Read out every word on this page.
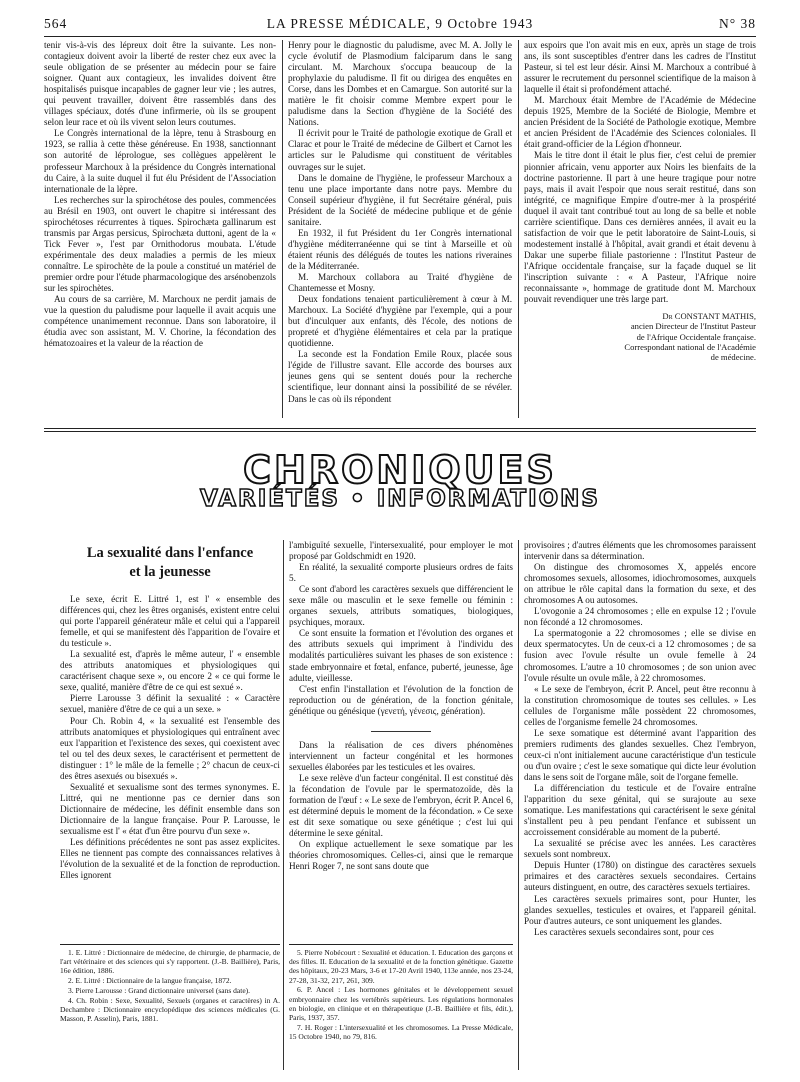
564	LA PRESSE MÉDICALE, 9 Octobre 1943	N° 38

tenir vis-à-vis des lépreux doit être la suivante. Les non-contagieux doivent avoir la liberté de rester chez eux avec la seule obligation de se présenter au médecin pour se faire soigner. Quant aux contagieux, les invalides doivent être hospitalisés puisque incapables de gagner leur vie ; les autres, qui peuvent travailler, doivent être rassemblés dans des villages spéciaux, dotés d'une infirmerie, où ils se groupent selon leur race et où ils vivent selon leurs coutumes.

Le Congrès international de la lèpre, tenu à Strasbourg en 1923, se rallia à cette thèse généreuse. En 1938, sanctionnant son autorité de léprologue, ses collègues appelèrent le professeur Marchoux à la présidence du Congrès international du Caire, à la suite duquel il fut élu Président de l'Association internationale de la lèpre.

Les recherches sur la spirochétose des poules, commencées au Brésil en 1903, ont ouvert le chapitre si intéressant des spirochétoses récurrentes à tiques. Spirochæta gallinarum est transmis par Argas persicus, Spirochæta duttoni, agent de la « Tick Fever », l'est par Ornithodorus moubata. L'étude expérimentale des deux maladies a permis de les mieux connaître. Le spirochète de la poule a constitué un matériel de premier ordre pour l'étude pharmacologique des arsénobenzols sur les spirochètes.

Au cours de sa carrière, M. Marchoux ne perdit jamais de vue la question du paludisme pour laquelle il avait acquis une compétence unanimement reconnue. Dans son laboratoire, il étudia avec son assistant, M. V. Chorine, la fécondation des hématozoaires et la valeur de la réaction de

Henry pour le diagnostic du paludisme, avec M. A. Jolly le cycle évolutif de Plasmodium falciparum dans le sang circulant. M. Marchoux s'occupa beaucoup de la prophylaxie du paludisme. Il fit ou dirigea des enquêtes en Corse, dans les Dombes et en Camargue. Son autorité sur la matière le fit choisir comme Membre expert pour le paludisme dans la Section d'hygiène de la Société des Nations.

Il écrivit pour le Traité de pathologie exotique de Grall et Clarac et pour le Traité de médecine de Gilbert et Carnot les articles sur le Paludisme qui constituent de véritables ouvrages sur le sujet.

Dans le domaine de l'hygiène, le professeur Marchoux a tenu une place importante dans notre pays. Membre du Conseil supérieur d'hygiène, il fut Secrétaire général, puis Président de la Société de médecine publique et de génie sanitaire.

En 1932, il fut Président du 1er Congrès international d'hygiène méditerranéenne qui se tint à Marseille et où étaient réunis des délégués de toutes les nations riveraines de la Méditerranée.

M. Marchoux collabora au Traité d'hygiène de Chantemesse et Mosny.

Deux fondations tenaient particulièrement à cœur à M. Marchoux. La Société d'hygiène par l'exemple, qui a pour but d'inculquer aux enfants, dès l'école, des notions de propreté et d'hygiène élémentaires et cela par la pratique quotidienne.

La seconde est la Fondation Emile Roux, placée sous l'égide de l'illustre savant. Elle accorde des bourses aux jeunes gens qui se sentent doués pour la recherche scientifique, leur donnant ainsi la possibilité de se révéler. Dans le cas où ils répondent

aux espoirs que l'on avait mis en eux, après un stage de trois ans, ils sont susceptibles d'entrer dans les cadres de l'Institut Pasteur, si tel est leur désir. Ainsi M. Marchoux a contribué à assurer le recrutement du personnel scientifique de la maison à laquelle il était si profondément attaché.

M. Marchoux était Membre de l'Académie de Médecine depuis 1925, Membre de la Société de Biologie, Membre et ancien Président de la Société de Pathologie exotique, Membre et ancien Président de l'Académie des Sciences coloniales. Il était grand-officier de la Légion d'honneur.

Mais le titre dont il était le plus fier, c'est celui de premier pionnier africain, venu apporter aux Noirs les bienfaits de la doctrine pastorienne. Il part à une heure tragique pour notre pays, mais il avait l'espoir que nous serait restitué, dans son intégrité, ce magnifique Empire d'outre-mer à la prospérité duquel il avait tant contribué tout au long de sa belle et noble carrière scientifique. Dans ces dernières années, il avait eu la satisfaction de voir que le petit laboratoire de Saint-Louis, si modestement installé à l'hôpital, avait grandi et était devenu à Dakar une superbe filiale pastorienne : l'Institut Pasteur de l'Afrique occidentale française, sur la façade duquel se lit l'inscription suivante : « A Pasteur, l'Afrique noire reconnaissante », hommage de gratitude dont M. Marchoux pouvait revendiquer une très large part.

Dr CONSTANT MATHIS,
ancien Directeur de l'Institut Pasteur
de l'Afrique Occidentale française.
Correspondant national de l'Académie
de médecine.
CHRONIQUES
VARIÉTÉS • INFORMATIONS
La sexualité dans l'enfance
et la jeunesse

Le sexe, écrit E. Littré 1, est l' « ensemble des différences qui, chez les êtres organisés, existent entre celui qui porte l'appareil générateur mâle et celui qui a l'appareil femelle, et qui se manifestent dès l'apparition de l'ovaire et du testicule ».

La sexualité est, d'après le même auteur, l' « ensemble des attributs anatomiques et physiologiques qui caractérisent chaque sexe », ou encore 2 « ce qui forme le sexe, qualité, manière d'être de ce qui est sexué ».

Pierre Larousse 3 définit la sexualité : « Caractère sexuel, manière d'être de ce qui a un sexe. »

Pour Ch. Robin 4, « la sexualité est l'ensemble des attributs anatomiques et physiologiques qui entraînent avec eux l'apparition et l'existence des sexes, qui coexistent avec tel ou tel des deux sexes, le caractérisent et permettent de distinguer : 1° le mâle de la femelle ; 2° chacun de ceux-ci des êtres asexués ou bisexués ».

Sexualité et sexualisme sont des termes synonymes. E. Littré, qui ne mentionne pas ce dernier dans son Dictionnaire de médecine, les définit ensemble dans son Dictionnaire de la langue française. Pour P. Larousse, le sexualisme est l' « état d'un être pourvu d'un sexe ».

Les définitions précédentes ne sont pas assez explicites. Elles ne tiennent pas compte des connaissances relatives à l'évolution de la sexualité et de la fonction de reproduction. Elles ignorent

l'ambiguïté sexuelle, l'intersexualité, pour employer le mot proposé par Goldschmidt en 1920.

En réalité, la sexualité comporte plusieurs ordres de faits 5.

Ce sont d'abord les caractères sexuels que différencient le sexe mâle ou masculin et le sexe femelle ou féminin : organes sexuels, attributs somatiques, biologiques, psychiques, moraux.

Ce sont ensuite la formation et l'évolution des organes et des attributs sexuels qui impriment à l'individu des modalités particulières suivant les phases de son existence : stade embryonnaire et fœtal, enfance, puberté, jeunesse, âge adulte, vieillesse.

C'est enfin l'installation et l'évolution de la fonction de reproduction ou de génération, de la fonction génitale, génétique ou génésique (γενετή, γένεσις, génération).

Dans la réalisation de ces divers phénomènes interviennent un facteur congénital et les hormones sexuelles élaborées par les testicules et les ovaires.

Le sexe relève d'un facteur congénital. Il est constitué dès la fécondation de l'ovule par le spermatozoïde, dès la formation de l'œuf : « Le sexe de l'embryon, écrit P. Ancel 6, est déterminé depuis le moment de la fécondation. » Ce sexe est dit sexe somatique ou sexe génétique ; c'est lui qui détermine le sexe génital.

On explique actuellement le sexe somatique par les théories chromosomiques. Celles-ci, ainsi que le remarque Henri Roger 7, ne sont sans doute que

provisoires ; d'autres éléments que les chromosomes paraissent intervenir dans sa détermination.

On distingue des chromosomes X, appelés encore chromosomes sexuels, allosomes, idiochromosomes, auxquels on attribue le rôle capital dans la formation du sexe, et des chromosomes A ou autosomes.

L'ovogonie a 24 chromosomes ; elle en expulse 12 ; l'ovule non fécondé a 12 chromosomes.

La spermatogonie a 22 chromosomes ; elle se divise en deux spermatocytes. Un de ceux-ci a 12 chromosomes ; de sa fusion avec l'ovule résulte un ovule femelle à 24 chromosomes. L'autre a 10 chromosomes ; de son union avec l'ovule résulte un ovule mâle, à 22 chromosomes.

« Le sexe de l'embryon, écrit P. Ancel, peut être reconnu à la constitution chromosomique de toutes ses cellules. » Les cellules de l'organisme mâle possèdent 22 chromosomes, celles de l'organisme femelle 24 chromosomes.

Le sexe somatique est déterminé avant l'apparition des premiers rudiments des glandes sexuelles. Chez l'embryon, ceux-ci n'ont initialement aucune caractéristique d'un testicule ou d'un ovaire ; c'est le sexe somatique qui dicte leur évolution dans le sens soit de l'organe mâle, soit de l'organe femelle.

La différenciation du testicule et de l'ovaire entraîne l'apparition du sexe génital, qui se surajoute au sexe somatique. Les manifestations qui caractérisent le sexe génital s'installent peu à peu pendant l'enfance et subissent un accroissement considérable au moment de la puberté.

La sexualité se précise avec les années. Les caractères sexuels sont nombreux.

Depuis Hunter (1780) on distingue des caractères sexuels primaires et des caractères sexuels secondaires. Certains auteurs distinguent, en outre, des caractères sexuels tertiaires.

Les caractères sexuels primaires sont, pour Hunter, les glandes sexuelles, testicules et ovaires, et l'appareil génital. Pour d'autres auteurs, ce sont uniquement les glandes.

Les caractères sexuels secondaires sont, pour ces

1. E. Littré : Dictionnaire de médecine, de chirurgie, de pharmacie, de l'art vétérinaire et des sciences qui s'y rapportent. (J.-B. Baillière), Paris, 16e édition, 1886.

2. E. Littré : Dictionnaire de la langue française, 1872.

3. Pierre Larousse : Grand dictionnaire universel (sans date).

4. Ch. Robin : Sexe, Sexualité, Sexuels (organes et caractères) in A. Dechambre : Dictionnaire encyclopédique des sciences médicales (G. Masson, P. Asselin), Paris, 1881.

5. Pierre Nobécourt : Sexualité et éducation. I. Education des garçons et des filles. II. Education de la sexualité et de la fonction génétique. Gazette des hôpitaux, 20-23 Mars, 3-6 et 17-20 Avril 1940, 113e année, nos 23-24, 27-28, 31-32, 217, 261, 309.

6. P. Ancel : Les hormones génitales et le développement sexuel embryonnaire chez les vertébrés supérieurs. Les régulations hormonales en biologie, en clinique et en thérapeutique (J.-B. Baillière et fils, édit.), Paris, 1937, 357.

7. H. Roger : L'intersexualité et les chromosomes. La Presse Médicale, 15 Octobre 1940, no 79, 816.
